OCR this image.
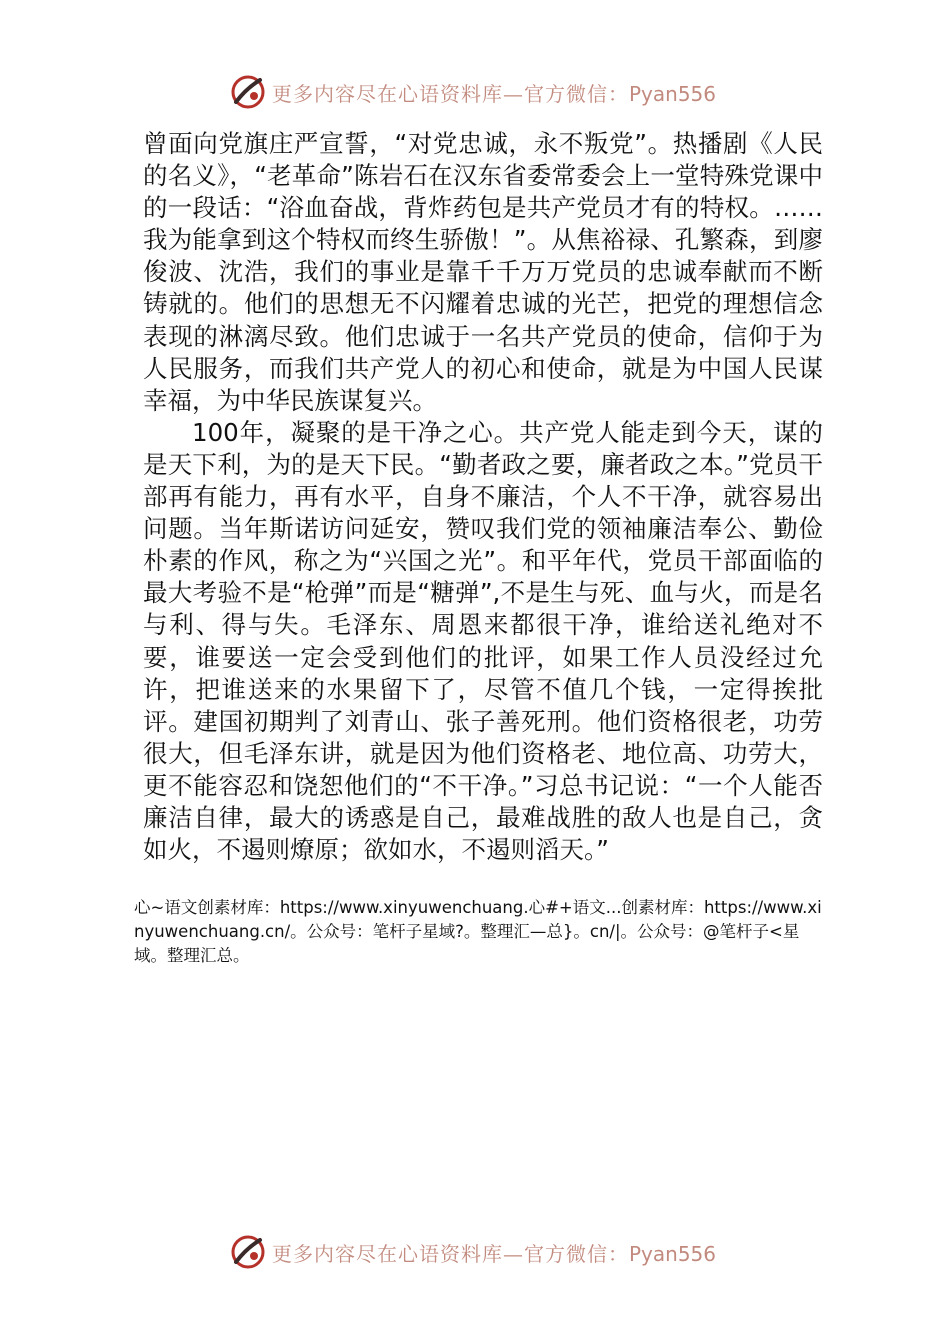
更多内容尽在心语资料库—官方微信：Pyan556

曾面向党旗庄严宣誓，“对党忠诚，永不叛党”。热播剧《人民的名义》，“老革命”陈岩石在汉东省委常委会上一堂特殊党课中的一段话：“浴血奋战，背炸药包是共产党员才有的特权。……我为能拿到这个特权而终生骄傲！”。从焦裕禄、孔繁森，到廖俊波、沈浩，我们的事业是靠千千万万党员的忠诚奉献而不断铸就的。他们的思想无不闪耀着忠诚的光芒，把党的理想信念表现的淋漓尽致。他们忠诚于一名共产党员的使命，信仰于为人民服务，而我们共产党人的初心和使命，就是为中国人民谋幸福，为中华民族谋复兴。

100年，凝聚的是干净之心。共产党人能走到今天，谋的是天下利，为的是天下民。“勤者政之要，廉者政之本。”党员干部再有能力，再有水平，自身不廉洁，个人不干净，就容易出问题。当年斯诺访问延安，赞叹我们党的领袖廉洁奉公、勤俭朴素的作风，称之为“兴国之光”。和平年代，党员干部面临的最大考验不是“枪弹”而是“糖弹”,不是生与死、血与火，而是名与利、得与失。毛泽东、周恩来都很干净，谁给送礼绝对不要，谁要送一定会受到他们的批评，如果工作人员没经过允许，把谁送来的水果留下了，尽管不值几个钱，一定得挨批评。建国初期判了刘青山、张子善死刑。他们资格很老，功劳很大，但毛泽东讲，就是因为他们资格老、地位高、功劳大，更不能容忍和饶恕他们的“不干净。”习总书记说：“一个人能否廉洁自律，最大的诱惑是自己，最难战胜的敌人也是自己，贪如火，不遏则燎原；欲如水，不遏则滔天。”

心~语文创素材库：https://www.xinyuwenchuang.心#+语文...创素材库：https://www.xinyuwenchuang.cn/。公众号：笔杆子星域?。整理汇—总}。cn/|。公众号：@笔杆子<星域。整理汇总。
更多内容尽在心语资料库—官方微信：Pyan556
